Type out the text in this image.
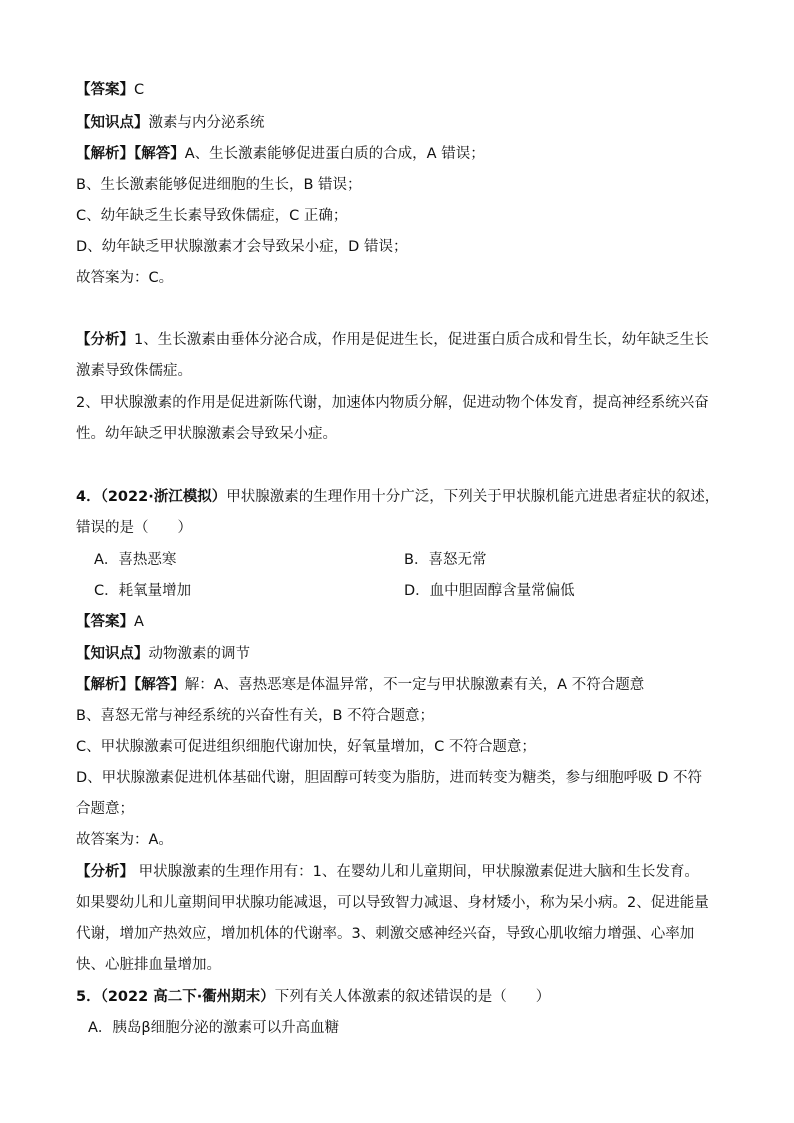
【答案】C
【知识点】激素与内分泌系统
【解析】【解答】A、生长激素能够促进蛋白质的合成，A 错误；
B、生长激素能够促进细胞的生长，B 错误；
C、幼年缺乏生长素导致侏儒症，C 正确；
D、幼年缺乏甲状腺激素才会导致呆小症，D 错误；
故答案为：C。
【分析】1、生长激素由垂体分泌合成，作用是促进生长，促进蛋白质合成和骨生长，幼年缺乏生长
激素导致侏儒症。
2、甲状腺激素的作用是促进新陈代谢，加速体内物质分解，促进动物个体发育，提高神经系统兴奋
性。幼年缺乏甲状腺激素会导致呆小症。
4．（2022·浙江模拟）甲状腺激素的生理作用十分广泛，下列关于甲状腺机能亢进患者症状的叙述，
错误的是（　　）
A．喜热恶寒	B．喜怒无常
C．耗氧量增加	D．血中胆固醇含量常偏低
【答案】A
【知识点】动物激素的调节
【解析】【解答】解：A、喜热恶寒是体温异常，不一定与甲状腺激素有关，A 不符合题意
B、喜怒无常与神经系统的兴奋性有关，B 不符合题意；
C、甲状腺激素可促进组织细胞代谢加快，好氧量增加，C 不符合题意；
D、甲状腺激素促进机体基础代谢，胆固醇可转变为脂肪，进而转变为糖类，参与细胞呼吸 D 不符
合题意；
故答案为：A。
【分析】 甲状腺激素的生理作用有：1、在婴幼儿和儿童期间，甲状腺激素促进大脑和生长发育。
如果婴幼儿和儿童期间甲状腺功能减退，可以导致智力减退、身材矮小，称为呆小病。2、促进能量
代谢，增加产热效应，增加机体的代谢率。3、刺激交感神经兴奋，导致心肌收缩力增强、心率加
快、心脏排血量增加。
5．（2022 高二下·衢州期末）下列有关人体激素的叙述错误的是（　　）
A．胰岛β细胞分泌的激素可以升高血糖
